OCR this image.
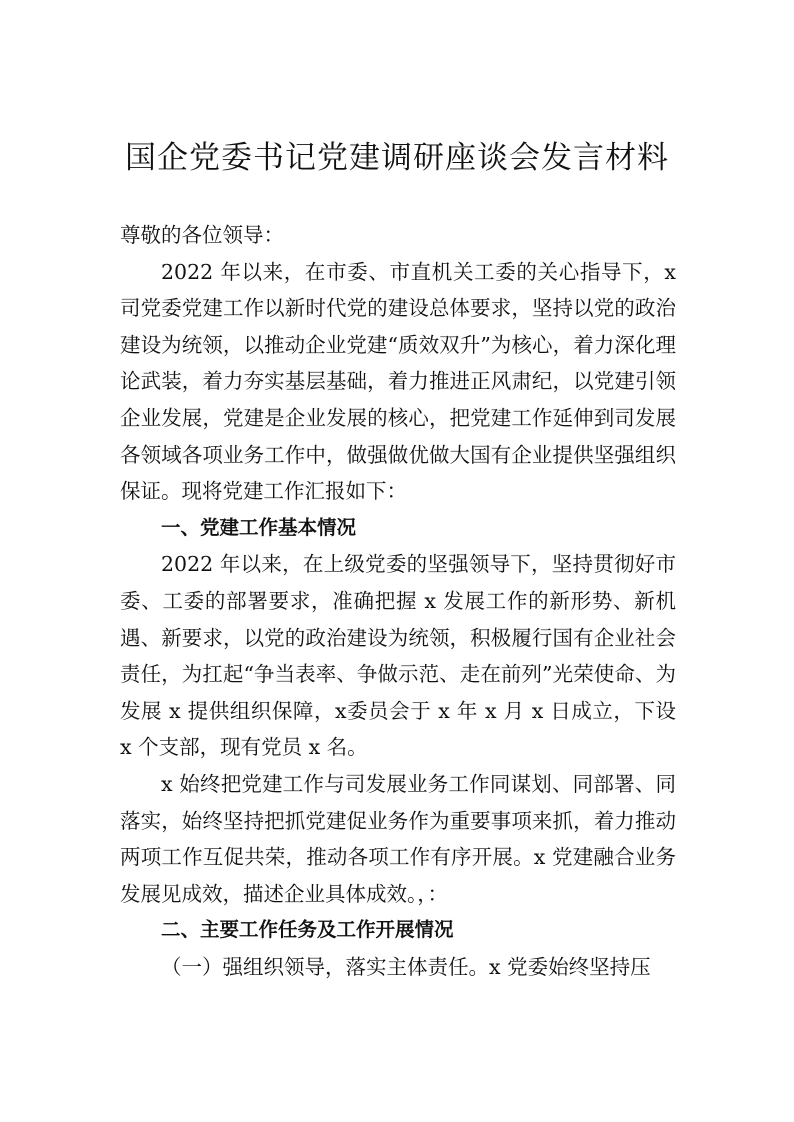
国企党委书记党建调研座谈会发言材料

尊敬的各位领导：

2022 年以来，在市委、市直机关工委的关心指导下，x司党委党建工作以新时代党的建设总体要求，坚持以党的政治建设为统领，以推动企业党建“质效双升”为核心，着力深化理论武装，着力夯实基层基础，着力推进正风肃纪，以党建引领企业发展，党建是企业发展的核心，把党建工作延伸到司发展各领域各项业务工作中，做强做优做大国有企业提供坚强组织保证。现将党建工作汇报如下：

一、党建工作基本情况

2022 年以来，在上级党委的坚强领导下，坚持贯彻好市委、工委的部署要求，准确把握 x 发展工作的新形势、新机遇、新要求，以党的政治建设为统领，积极履行国有企业社会责任，为扛起“争当表率、争做示范、走在前列”光荣使命、为发展 x 提供组织保障，x委员会于 x 年 x 月 x 日成立，下设 x 个支部，现有党员 x 名。

x 始终把党建工作与司发展业务工作同谋划、同部署、同落实，始终坚持把抓党建促业务作为重要事项来抓，着力推动两项工作互促共荣，推动各项工作有序开展。x 党建融合业务发展见成效，描述企业具体成效。，：

二、主要工作任务及工作开展情况

（一）强组织领导，落实主体责任。x 党委始终坚持压
